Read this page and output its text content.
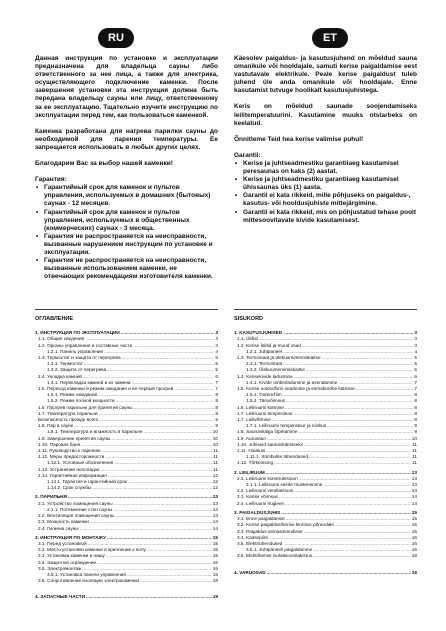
RU	ET

Данная инструкция по установке и эксплуатации предназначена для владельца сауны либо ответственного за нее лица, а также для электрика, осуществляющего подключение каменки. После завершения установки эта инструкция должна быть передана владельцу сауны или лицу, ответственному за ее эксплуатацию. Тщательно изучите инструкцию по эксплуатации перед тем, как пользоваться каменкой.

Каменка разработана для нагрева парилки сауны до необходимой для парения температуры. Ее запрещается использовать в любых других целях.

Благодарим Вас за выбор нашей каменки!

Гарантия:
• Гарантийный срок для каменок и пультов управления, используемых в домашних (бытовых) саунах - 12 месяцев.
• Гарантийный срок для каменок и пультов управления, используемых в общественных (коммерческих) саунах - 3 месяца.
• Гарантия не распространяется на неисправности, вызванные нарушением инструкции по установке и эксплуатации.
• Гарантия не распространяется на неисправности, вызванные использованием каменки, не отвечающих рекомендациям изготовителя каменки.

Käesolev paigaldus- ja kasutusjuhend on mõeldud sauna omanikule või hooldajale, samuti kerise paigaldamise eest vastutavale elektrikule. Peale kerise paigaldust tuleb juhend üle anda omanikule või hooldajale. Enne kasutamist tutvuge hoolikalt kasutusjuhistega.

Keris on mõeldud saunade soojendamiseks leilitemperatuurini. Kasutamine muuks otstarbeks on keelatud.

Õnnitleme Teid hea kerise valimise puhul!

Garantii:
• Kerise ja juhtseadmestiku garantiiaeg kasutamisel peresaunas on kaks (2) aastat.
• Kerise ja juhtseadmestiku garantiiaeg kasutamisel ühissaunas üks (1) aasta.
• Garantii ei kata rikkeid, mille põhjuseks on paigaldus-, kasutus- või hooldusjuhiste mittejärgimine.
• Garantii ei kata rikkeid, mis on põhjustatud tehase poolt mittesoovitavate kivide kasutamisest.
ОГЛАВЛЕНИЕ
1. ИНСТРУКЦИЯ ПО ЭКСПЛУАТАЦИИ .....	3
1.1. Общие сведения .....	3
1.2. Органы управления и составные части .....	3
1.2.1. Панель управления .....	4
1.3. Термостат и защита от перегрева .....	5
1.3.1. Термостат .....	5
1.3.2. Защита от перегрева .....	5
1.4. Укладка камней .....	6
1.4.1. Перекладка камней и их замена .....	7
1.5. Переход каменки в режим ожидания и ее первый прогрев .....	7
1.5.1. Режим ожидания .....	8
1.5.2. Режим полной мощности .....	8
1.6. Прогрев парильни для принятия сауны .....	8
1.7. Температура парильни .....	8
Безопасность прежде всего .....	9
1.8. Пар в сауне .....	9
1.8.1. Температура и влажность в парильне .....	10
1.9. Завершение принятия сауны .....	10
1.10. Паровая баня .....	10
1.11. Руководство к парению .....	11
1.12. Меры предосторожности .....	11
1.12.1. Условные обозначения .....	11
1.13. Устранение неполадок .....	11
1.14. Гарантийная информация .....	12
1.14.1. Гарантия и гарантийный срок .....	12
1.14.2. Срок службы .....	12
2. ПАРИЛЬНЯ .....	13
2.1. Устройство помещения сауны .....	13
2.1.1. Потемнение стен сауны .....	13
2.2. Вентиляция помещения сауны .....	13
2.3. Мощность каменки .....	14
2.4. Гигиена сауны .....	14
3. ИНСТРУКЦИЯ ПО МОНТАЖУ .....	15
3.1. Перед установкой .....	15
3.2. Место установки каменки и крепление к полу .....	15
3.3. Установка каменки в нишу .....	15
3.4. Защитное ограждение .....	16
3.5. Электромонтаж .....	16
3.5.1. Установка панели управления .....	16
3.6. Сопротивление изоляции электрокаменки .....	18
4. ЗАПАСНЫЕ ЧАСТИ .....	19
SISUKORD
1. KASUTUSJUHISED .....	3
1.1. Üldist .....	3
1.2. Kerise lülitid ja muud osad .....	3
1.2.1. Juhtpaneel .....	4
1.3. Termostaat ja ülekuumenemiskaitse .....	5
1.3.1. Termostaat .....	5
1.3.2. Ülekuumenemiskaitse .....	5
1.4. Kerisekivide laduimine .....	6
1.4.1. Kivide ümberladumine ja asendamine .....	7
1.5. Kerise ooterežiimi seadmine ja esmakordne kütmine .....	7
1.5.1. Ooterežiim .....	8
1.5.2. Täisvõimsus .....	8
1.6. Leiliruumi kütmine .....	8
1.7. Leiliruumi temperatuur .....	8
1.7. Leilivõtmine .....	8
1.7.1. Leiliruumi temperatuur ja niiskus .....	9
1.8. Saunaskäigu lõpetamine .....	9
1.9. Aurusaun .....	10
1.10. Juhiseid saunaskäimiseks .....	11
1.11. Hoiatusi .....	11
1.11.1. Sümbolite tähendused .....	11
1.12. Tõrkeotsing .....	11
2. LEILIRUUM .....	13
2.1. Leiliruumi konstruktsioon .....	13
2.1.1. Leiliruumi seinte mustenemine .....	13
2.2. Leiliruumi ventilatsioon .....	13
2.3. Kerise võimsus .....	14
2.4. Leiliruumi hügieen .....	14
3. PAIGALDUSJUHIS .....	15
3.1. Enne paigaldamist .....	15
3.2. Kerise paigaldus/kerise kinnitus põrandale .....	15
3.3. Paigaldus seinasüvendisse .....	15
3.4. Kaitsepiire .....	16
3.5. Elektriühendused .....	16
3.5.1. Juhtpaneeli paigaldamine .....	16
3.6. Elektrikerise isolatsioonitakistus .....	18
4. VARUOSAD .....	19
